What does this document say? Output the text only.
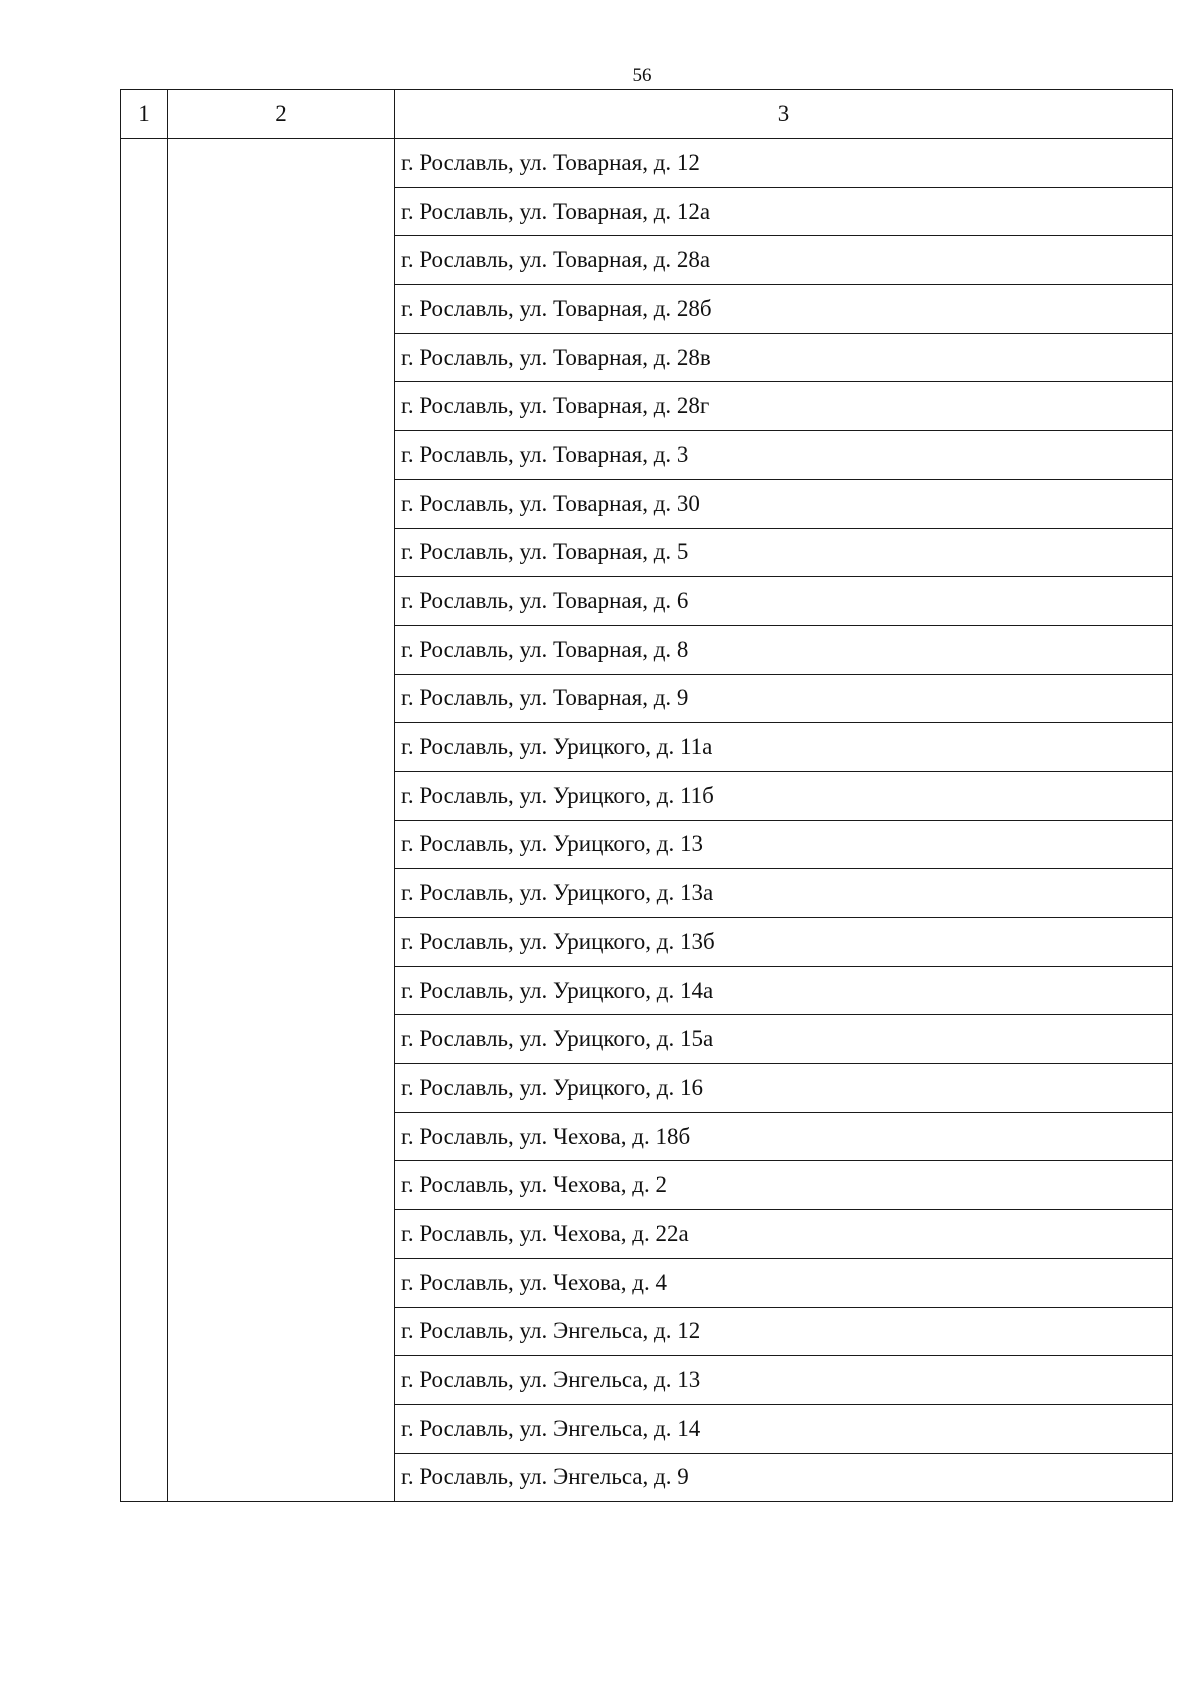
56
1	2	3
		г. Рославль, ул. Товарная, д. 12
		г. Рославль, ул. Товарная, д. 12а
		г. Рославль, ул. Товарная, д. 28а
		г. Рославль, ул. Товарная, д. 28б
		г. Рославль, ул. Товарная, д. 28в
		г. Рославль, ул. Товарная, д. 28г
		г. Рославль, ул. Товарная, д. 3
		г. Рославль, ул. Товарная, д. 30
		г. Рославль, ул. Товарная, д. 5
		г. Рославль, ул. Товарная, д. 6
		г. Рославль, ул. Товарная, д. 8
		г. Рославль, ул. Товарная, д. 9
		г. Рославль, ул. Урицкого, д. 11а
		г. Рославль, ул. Урицкого, д. 11б
		г. Рославль, ул. Урицкого, д. 13
		г. Рославль, ул. Урицкого, д. 13а
		г. Рославль, ул. Урицкого, д. 13б
		г. Рославль, ул. Урицкого, д. 14а
		г. Рославль, ул. Урицкого, д. 15а
		г. Рославль, ул. Урицкого, д. 16
		г. Рославль, ул. Чехова, д. 18б
		г. Рославль, ул. Чехова, д. 2
		г. Рославль, ул. Чехова, д. 22а
		г. Рославль, ул. Чехова, д. 4
		г. Рославль, ул. Энгельса, д. 12
		г. Рославль, ул. Энгельса, д. 13
		г. Рославль, ул. Энгельса, д. 14
		г. Рославль, ул. Энгельса, д. 9
